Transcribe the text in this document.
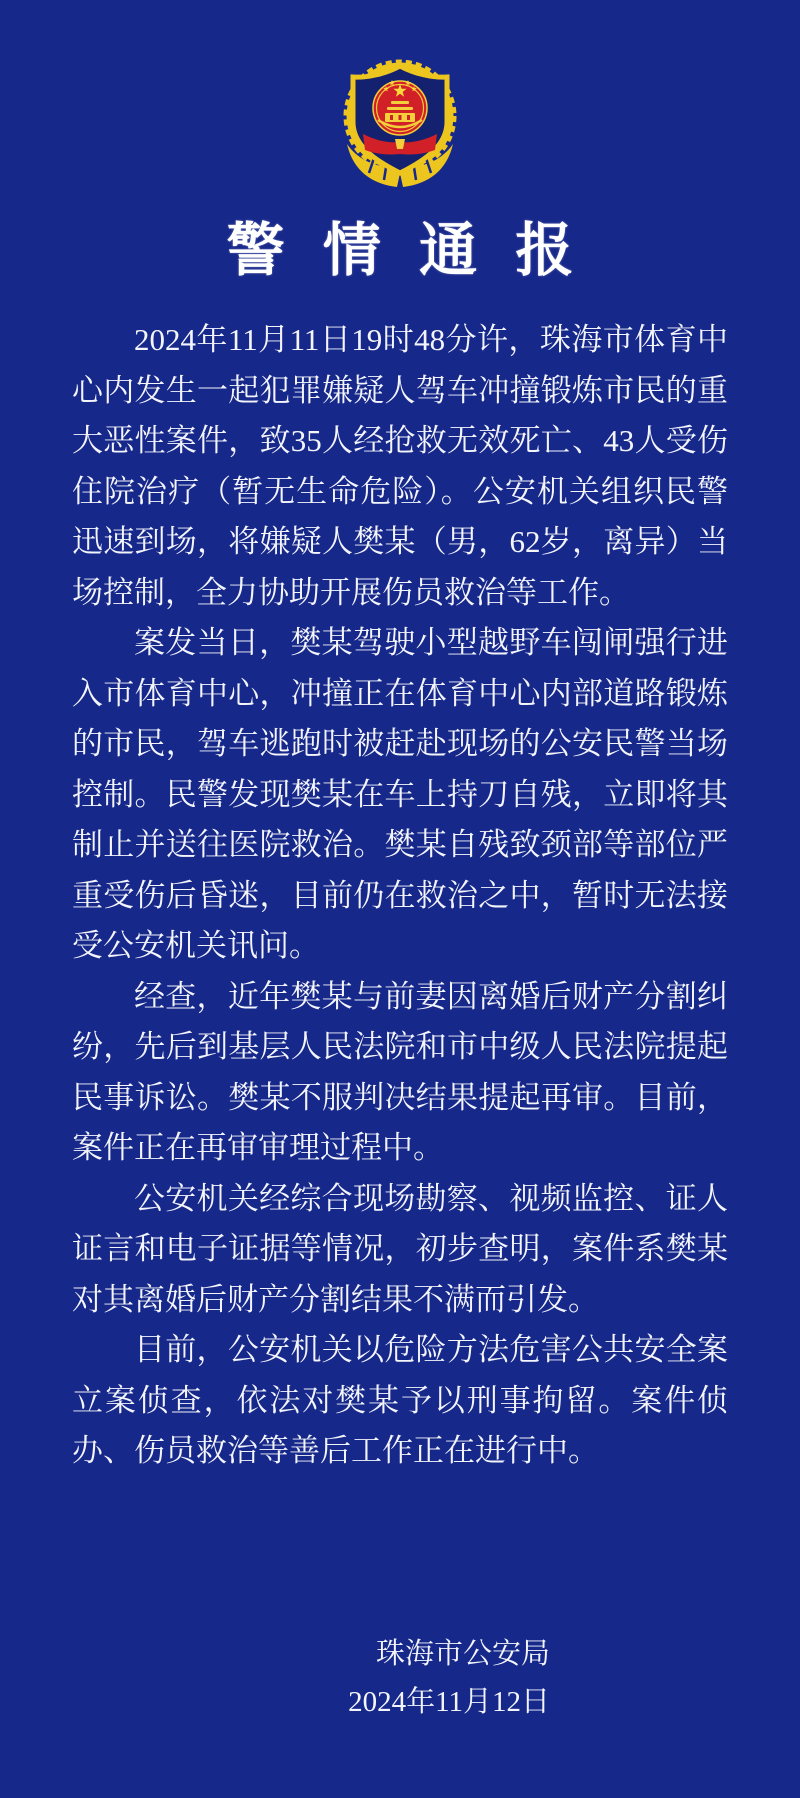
警情通报

2024年11月11日19时48分许，珠海市体育中心内发生一起犯罪嫌疑人驾车冲撞锻炼市民的重大恶性案件，致35人经抢救无效死亡、43人受伤住院治疗（暂无生命危险）。公安机关组织民警迅速到场，将嫌疑人樊某（男，62岁，离异）当场控制，全力协助开展伤员救治等工作。

案发当日，樊某驾驶小型越野车闯闸强行进入市体育中心，冲撞正在体育中心内部道路锻炼的市民，驾车逃跑时被赶赴现场的公安民警当场控制。民警发现樊某在车上持刀自残，立即将其制止并送往医院救治。樊某自残致颈部等部位严重受伤后昏迷，目前仍在救治之中，暂时无法接受公安机关讯问。

经查，近年樊某与前妻因离婚后财产分割纠纷，先后到基层人民法院和市中级人民法院提起民事诉讼。樊某不服判决结果提起再审。目前，案件正在再审审理过程中。

公安机关经综合现场勘察、视频监控、证人证言和电子证据等情况，初步查明，案件系樊某对其离婚后财产分割结果不满而引发。

目前，公安机关以危险方法危害公共安全案立案侦查，依法对樊某予以刑事拘留。案件侦办、伤员救治等善后工作正在进行中。

珠海市公安局

2024年11月12日
